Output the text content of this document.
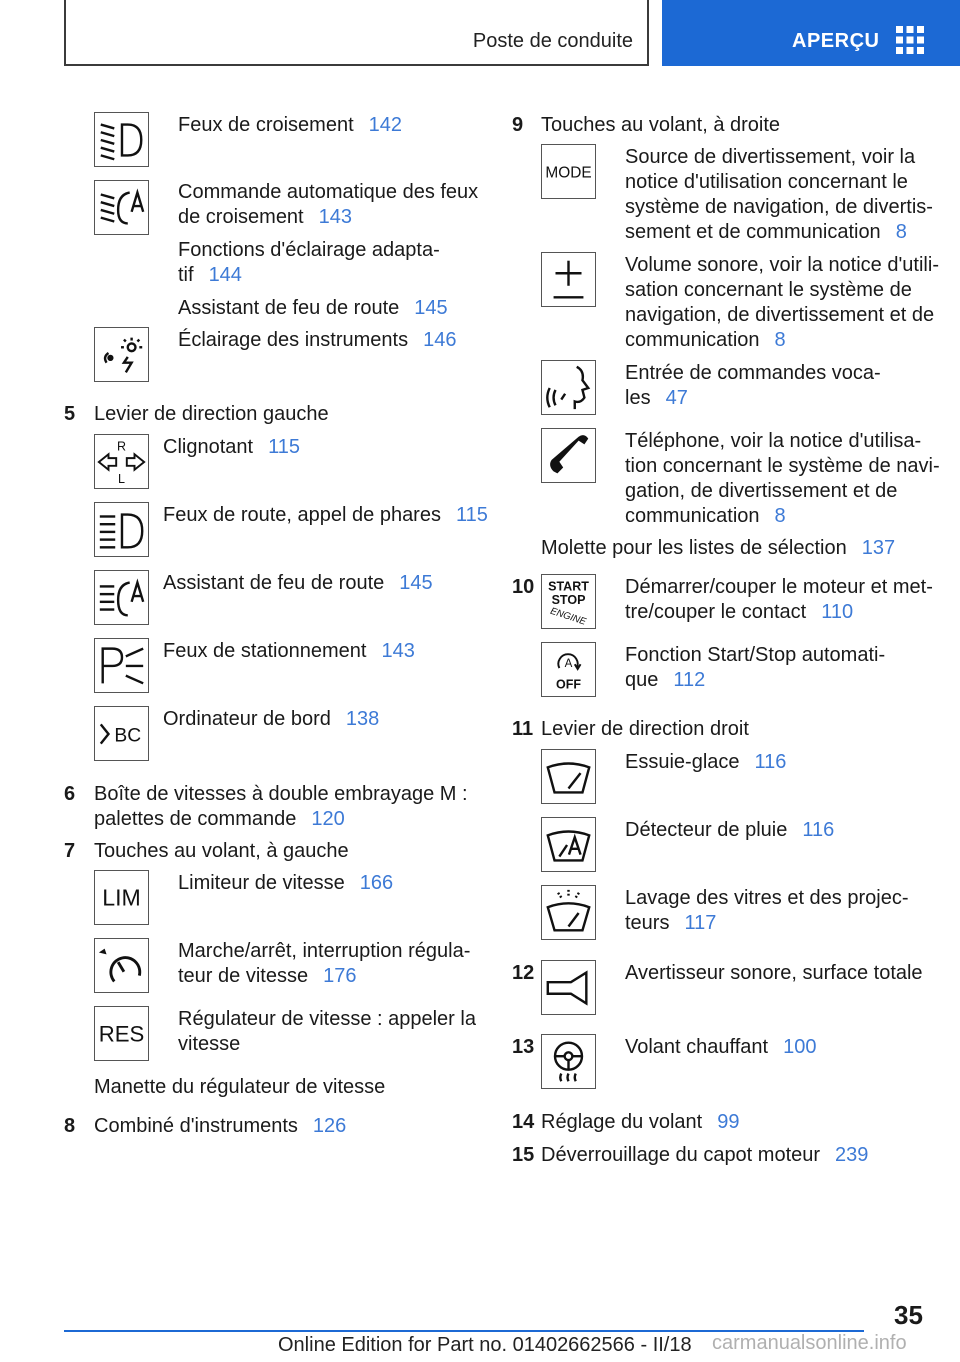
Poste de conduite	APERÇU
Feux de croisement 142
Commande automatique des feux
de croisement 143
Fonctions d'éclairage adapta-
tif 144
Assistant de feu de route 145
Éclairage des instruments 146
5 Levier de direction gauche
R
L
Clignotant 115
Feux de route, appel de phares 115
Assistant de feu de route 145
Feux de stationnement 143
BC
Ordinateur de bord 138
6 Boîte de vitesses à double embrayage M :
palettes de commande 120
7 Touches au volant, à gauche
LIM
Limiteur de vitesse 166
Marche/arrêt, interruption régula-
teur de vitesse 176
RES
Régulateur de vitesse : appeler la
vitesse
Manette du régulateur de vitesse
8 Combiné d'instruments 126
9 Touches au volant, à droite
MODE
Source de divertissement, voir la
notice d'utilisation concernant le
système de navigation, de divertis-
sement et de communication 8
Volume sonore, voir la notice d'utili-
sation concernant le système de
navigation, de divertissement et de
communication 8
Entrée de commandes voca-
les 47
Téléphone, voir la notice d'utilisa-
tion concernant le système de navi-
gation, de divertissement et de
communication 8
Molette pour les listes de sélection 137
10 START
STOP
ENGINE
Démarrer/couper le moteur et met-
tre/couper le contact 110
A
OFF
Fonction Start/Stop automati-
que 112
11 Levier de direction droit
Essuie-glace 116
Détecteur de pluie 116
Lavage des vitres et des projec-
teurs 117
12	Avertisseur sonore, surface totale
13	Volant chauffant 100
14 Réglage du volant 99
15 Déverrouillage du capot moteur 239
35
Online Edition for Part no. 01402662566 - II/18 carmanualsonline.info
